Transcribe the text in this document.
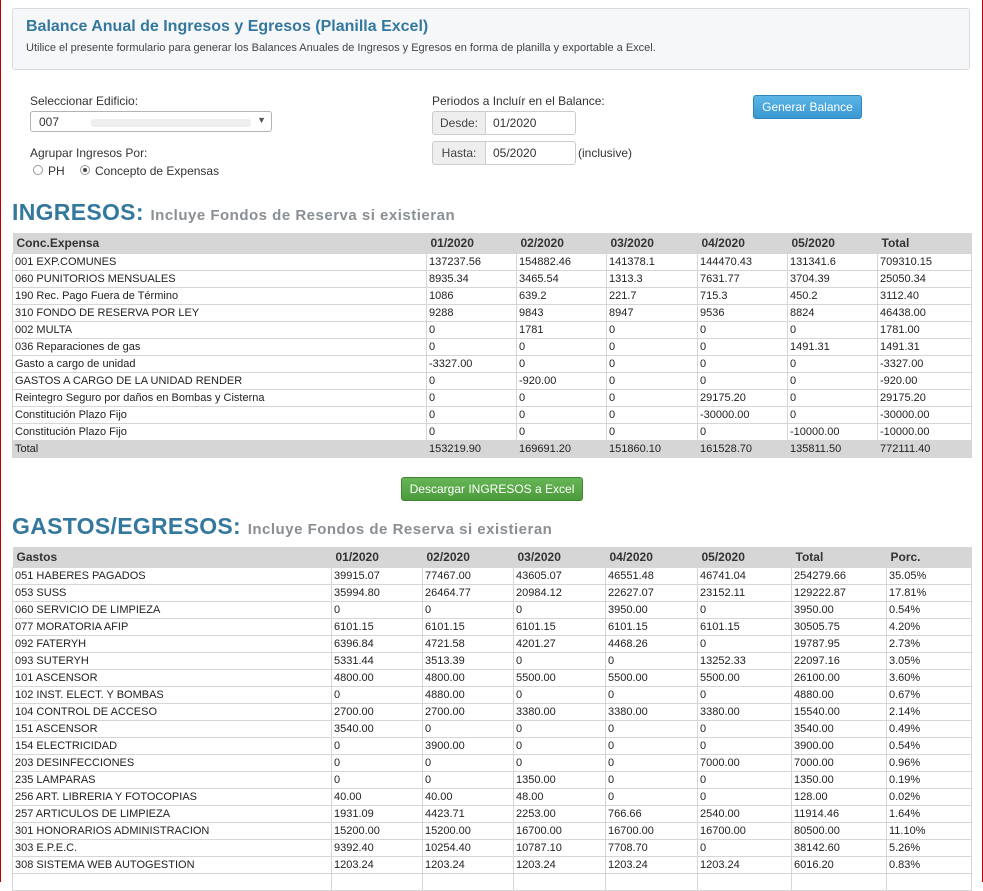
Balance Anual de Ingresos y Egresos (Planilla Excel)
Utilice el presente formulario para generar los Balances Anuales de Ingresos y Egresos en forma de planilla y exportable a Excel.
Seleccionar Edificio:
007	▼
Agrupar Ingresos Por:
PH	Concepto de Expensas
Periodos a Incluír en el Balance:
Desde:	01/2020
Hasta:	05/2020	(inclusive)
Generar Balance
INGRESOS: Incluye Fondos de Reserva si existieran
Conc.Expensa	01/2020	02/2020	03/2020	04/2020	05/2020	Total
001 EXP.COMUNES	137237.56	154882.46	141378.1	144470.43	131341.6	709310.15
060 PUNITORIOS MENSUALES	8935.34	3465.54	1313.3	7631.77	3704.39	25050.34
190 Rec. Pago Fuera de Término	1086	639.2	221.7	715.3	450.2	3112.40
310 FONDO DE RESERVA POR LEY	9288	9843	8947	9536	8824	46438.00
002 MULTA	0	1781	0	0	0	1781.00
036 Reparaciones de gas	0	0	0	0	1491.31	1491.31
Gasto a cargo de unidad	-3327.00	0	0	0	0	-3327.00
GASTOS A CARGO DE LA UNIDAD RENDER	0	-920.00	0	0	0	-920.00
Reintegro Seguro por daños en Bombas y Cisterna	0	0	0	29175.20	0	29175.20
Constitución Plazo Fijo	0	0	0	-30000.00	0	-30000.00
Constitución Plazo Fijo	0	0	0	0	-10000.00	-10000.00
Total	153219.90	169691.20	151860.10	161528.70	135811.50	772111.40
Descargar INGRESOS a Excel
GASTOS/EGRESOS: Incluye Fondos de Reserva si existieran
Gastos	01/2020	02/2020	03/2020	04/2020	05/2020	Total	Porc.
051 HABERES PAGADOS	39915.07	77467.00	43605.07	46551.48	46741.04	254279.66	35.05%
053 SUSS	35994.80	26464.77	20984.12	22627.07	23152.11	129222.87	17.81%
060 SERVICIO DE LIMPIEZA	0	0	0	3950.00	0	3950.00	0.54%
077 MORATORIA AFIP	6101.15	6101.15	6101.15	6101.15	6101.15	30505.75	4.20%
092 FATERYH	6396.84	4721.58	4201.27	4468.26	0	19787.95	2.73%
093 SUTERYH	5331.44	3513.39	0	0	13252.33	22097.16	3.05%
101 ASCENSOR	4800.00	4800.00	5500.00	5500.00	5500.00	26100.00	3.60%
102 INST. ELECT. Y BOMBAS	0	4880.00	0	0	0	4880.00	0.67%
104 CONTROL DE ACCESO	2700.00	2700.00	3380.00	3380.00	3380.00	15540.00	2.14%
151 ASCENSOR	3540.00	0	0	0	0	3540.00	0.49%
154 ELECTRICIDAD	0	3900.00	0	0	0	3900.00	0.54%
203 DESINFECCIONES	0	0	0	0	7000.00	7000.00	0.96%
235 LAMPARAS	0	0	1350.00	0	0	1350.00	0.19%
256 ART. LIBRERIA Y FOTOCOPIAS	40.00	40.00	48.00	0	0	128.00	0.02%
257 ARTICULOS DE LIMPIEZA	1931.09	4423.71	2253.00	766.66	2540.00	11914.46	1.64%
301 HONORARIOS ADMINISTRACION	15200.00	15200.00	16700.00	16700.00	16700.00	80500.00	11.10%
303 E.P.E.C.	9392.40	10254.40	10787.10	7708.70	0	38142.60	5.26%
308 SISTEMA WEB AUTOGESTION	1203.24	1203.24	1203.24	1203.24	1203.24	6016.20	0.83%
